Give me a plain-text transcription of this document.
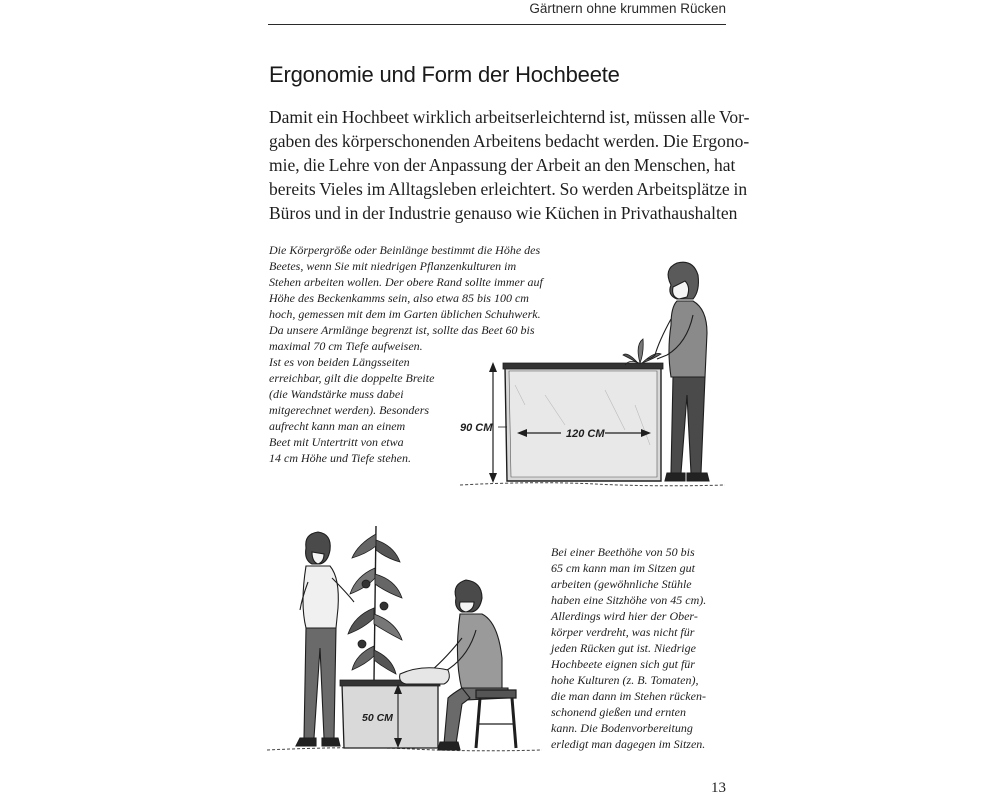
Gärtnern ohne krummen Rücken
Ergonomie und Form der Hochbeete
Damit ein Hochbeet wirklich arbeitserleichternd ist, müssen alle Vor-
gaben des körperschonenden Arbeitens bedacht werden. Die Ergono-
mie, die Lehre von der Anpassung der Arbeit an den Menschen, hat
bereits Vieles im Alltagsleben erleichtert. So werden Arbeitsplätze in
Büros und in der Industrie genauso wie Küchen in Privathaushalten
Die Körpergröße oder Beinlänge bestimmt die Höhe des
Beetes, wenn Sie mit niedrigen Pflanzenkulturen im
Stehen arbeiten wollen. Der obere Rand sollte immer auf
Höhe des Beckenkamms sein, also etwa 85 bis 100 cm
hoch, gemessen mit dem im Garten üblichen Schuhwerk.
Da unsere Armlänge begrenzt ist, sollte das Beet 60 bis
maximal 70 cm Tiefe aufweisen.
Ist es von beiden Längsseiten
erreichbar, gilt die doppelte Breite
(die Wandstärke muss dabei
mitgerechnet werden). Besonders
aufrecht kann man an einem
Beet mit Untertritt von etwa
14 cm Höhe und Tiefe stehen.
90 CM	120 CM
50 CM
Bei einer Beethöhe von 50 bis
65 cm kann man im Sitzen gut
arbeiten (gewöhnliche Stühle
haben eine Sitzhöhe von 45 cm).
Allerdings wird hier der Ober-
körper verdreht, was nicht für
jeden Rücken gut ist. Niedrige
Hochbeete eignen sich gut für
hohe Kulturen (z. B. Tomaten),
die man dann im Stehen rücken-
schonend gießen und ernten
kann. Die Bodenvorbereitung
erledigt man dagegen im Sitzen.
13
